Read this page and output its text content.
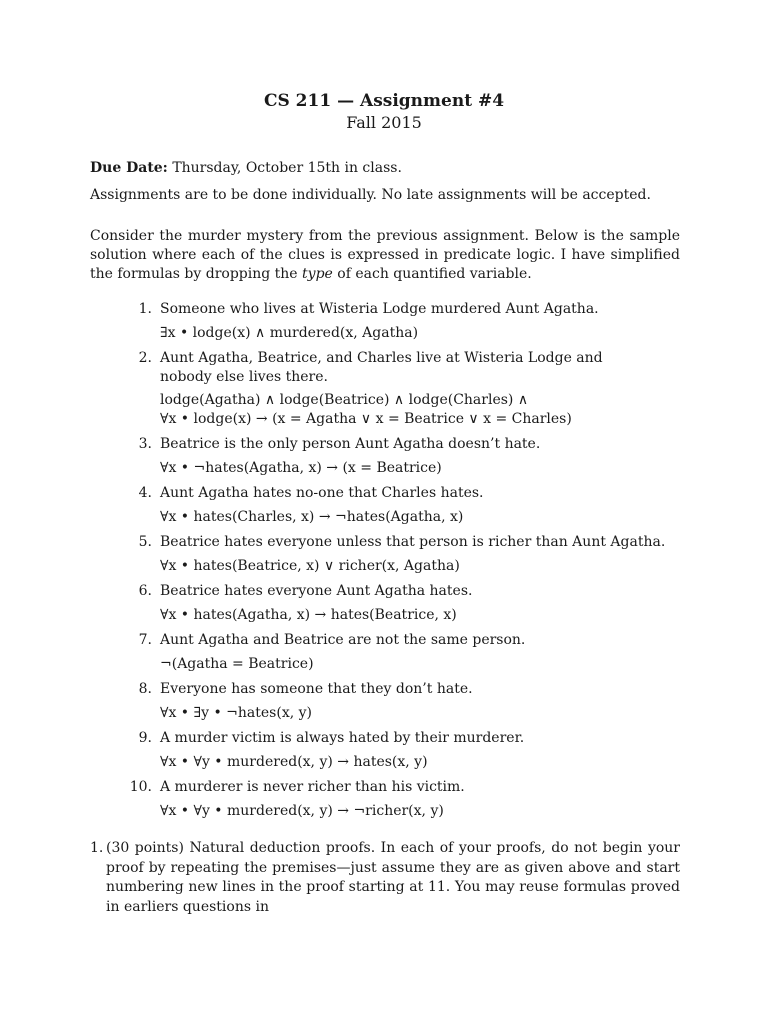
CS 211 — Assignment #4
Fall 2015
Due Date: Thursday, October 15th in class.
Assignments are to be done individually. No late assignments will be accepted.
Consider the murder mystery from the previous assignment. Below is the sample solution where each of the clues is expressed in predicate logic. I have simplified the formulas by dropping the type of each quantified variable.
1. Someone who lives at Wisteria Lodge murdered Aunt Agatha.
∃x • lodge(x) ∧ murdered(x, Agatha)
2. Aunt Agatha, Beatrice, and Charles live at Wisteria Lodge and nobody else lives there.
lodge(Agatha) ∧ lodge(Beatrice) ∧ lodge(Charles) ∧
∀x • lodge(x) → (x = Agatha ∨ x = Beatrice ∨ x = Charles)
3. Beatrice is the only person Aunt Agatha doesn’t hate.
∀x • ¬hates(Agatha, x) → (x = Beatrice)
4. Aunt Agatha hates no-one that Charles hates.
∀x • hates(Charles, x) → ¬hates(Agatha, x)
5. Beatrice hates everyone unless that person is richer than Aunt Agatha.
∀x • hates(Beatrice, x) ∨ richer(x, Agatha)
6. Beatrice hates everyone Aunt Agatha hates.
∀x • hates(Agatha, x) → hates(Beatrice, x)
7. Aunt Agatha and Beatrice are not the same person.
¬(Agatha = Beatrice)
8. Everyone has someone that they don’t hate.
∀x • ∃y • ¬hates(x, y)
9. A murder victim is always hated by their murderer.
∀x • ∀y • murdered(x, y) → hates(x, y)
10. A murderer is never richer than his victim.
∀x • ∀y • murdered(x, y) → ¬richer(x, y)
1. (30 points) Natural deduction proofs. In each of your proofs, do not begin your proof by repeating the premises—just assume they are as given above and start numbering new lines in the proof starting at 11. You may reuse formulas proved in earliers questions in
